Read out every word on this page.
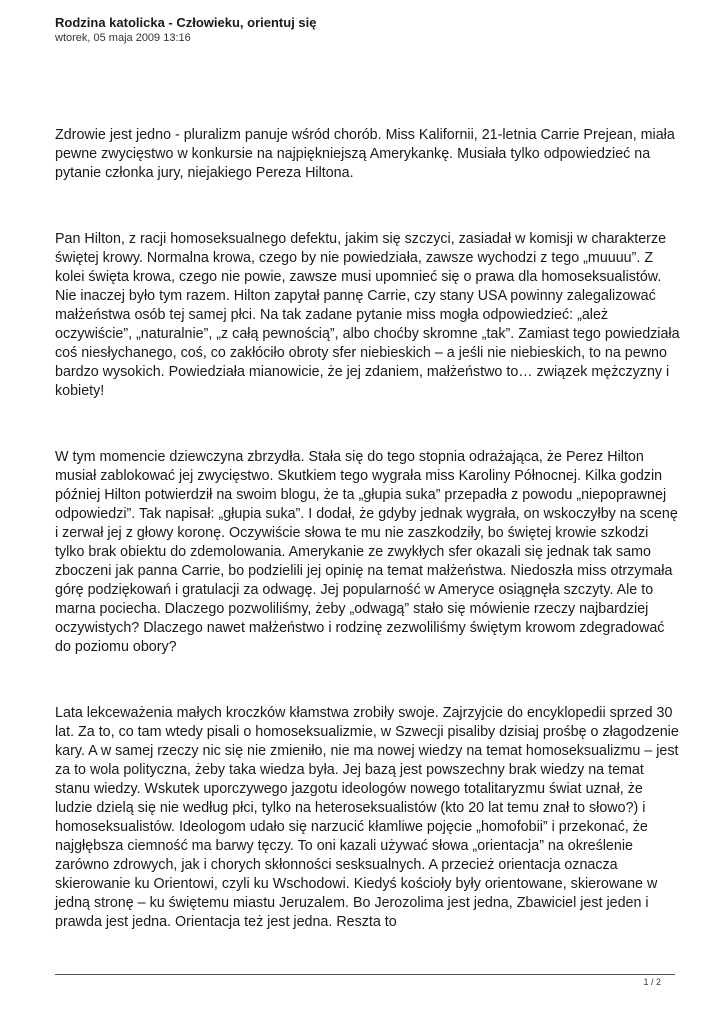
Rodzina katolicka - Człowieku, orientuj się

wtorek, 05 maja 2009 13:16

Zdrowie jest jedno - pluralizm panuje wśród chorób. Miss Kalifornii, 21-letnia Carrie Prejean, miała pewne zwycięstwo w konkursie na najpiękniejszą Amerykankę. Musiała tylko odpowiedzieć na pytanie członka jury, niejakiego Pereza Hiltona.

Pan Hilton, z racji homoseksualnego defektu, jakim się szczyci, zasiadał w komisji w charakterze świętej krowy. Normalna krowa, czego by nie powiedziała, zawsze wychodzi z tego „muuuu”. Z kolei święta krowa, czego nie powie, zawsze musi upomnieć się o prawa dla homoseksualistów. Nie inaczej było tym razem. Hilton zapytał pannę Carrie, czy stany USA powinny zalegalizować małżeństwa osób tej samej płci. Na tak zadane pytanie miss mogła odpowiedzieć: „ależ oczywiście”, „naturalnie”, „z całą pewnością”, albo choćby skromne „tak”. Zamiast tego powiedziała coś niesłychanego, coś, co zakłóciło obroty sfer niebieskich – a jeśli nie niebieskich, to na pewno bardzo wysokich. Powiedziała mianowicie, że jej zdaniem, małżeństwo to… związek mężczyzny i kobiety!

W tym momencie dziewczyna zbrzydła. Stała się do tego stopnia odrażająca, że Perez Hilton musiał zablokować jej zwycięstwo. Skutkiem tego wygrała miss Karoliny Północnej. Kilka godzin później Hilton potwierdził na swoim blogu, że ta „głupia suka” przepadła z powodu „niepoprawnej odpowiedzi”. Tak napisał: „głupia suka”. I dodał, że gdyby jednak wygrała, on wskoczyłby na scenę i zerwał jej z głowy koronę. Oczywiście słowa te mu nie zaszkodziły, bo świętej krowie szkodzi tylko brak obiektu do zdemolowania. Amerykanie ze zwykłych sfer okazali się jednak tak samo zboczeni jak panna Carrie, bo podzielili jej opinię na temat małżeństwa. Niedoszła miss otrzymała górę podziękowań i gratulacji za odwagę. Jej popularność w Ameryce osiągnęła szczyty. Ale to marna pociecha. Dlaczego pozwoliliśmy, żeby „odwagą” stało się mówienie rzeczy najbardziej oczywistych? Dlaczego nawet małżeństwo i rodzinę zezwoliliśmy świętym krowom zdegradować do poziomu obory?

Lata lekceważenia małych kroczków kłamstwa zrobiły swoje. Zajrzyjcie do encyklopedii sprzed 30 lat. Za to, co tam wtedy pisali o homoseksualizmie, w Szwecji pisaliby dzisiaj prośbę o złagodzenie kary. A w samej rzeczy nic się nie zmieniło, nie ma nowej wiedzy na temat homoseksualizmu – jest za to wola polityczna, żeby taka wiedza była. Jej bazą jest powszechny brak wiedzy na temat stanu wiedzy. Wskutek uporczywego jazgotu ideologów nowego totalitaryzmu świat uznał, że ludzie dzielą się nie według płci, tylko na heteroseksualistów (kto 20 lat temu znał to słowo?) i homoseksualistów. Ideologom udało się narzucić kłamliwe pojęcie „homofobii” i przekonać, że najgłębsza ciemność ma barwy tęczy. To oni kazali używać słowa „orientacja” na określenie zarówno zdrowych, jak i chorych skłonności sesksualnych. A przecież orientacja oznacza skierowanie ku Orientowi, czyli ku Wschodowi. Kiedyś kościoły były orientowane, skierowane w jedną stronę – ku świętemu miastu Jeruzalem. Bo Jerozolima jest jedna, Zbawiciel jest jeden i prawda jest jedna. Orientacja też jest jedna. Reszta to

1 / 2
